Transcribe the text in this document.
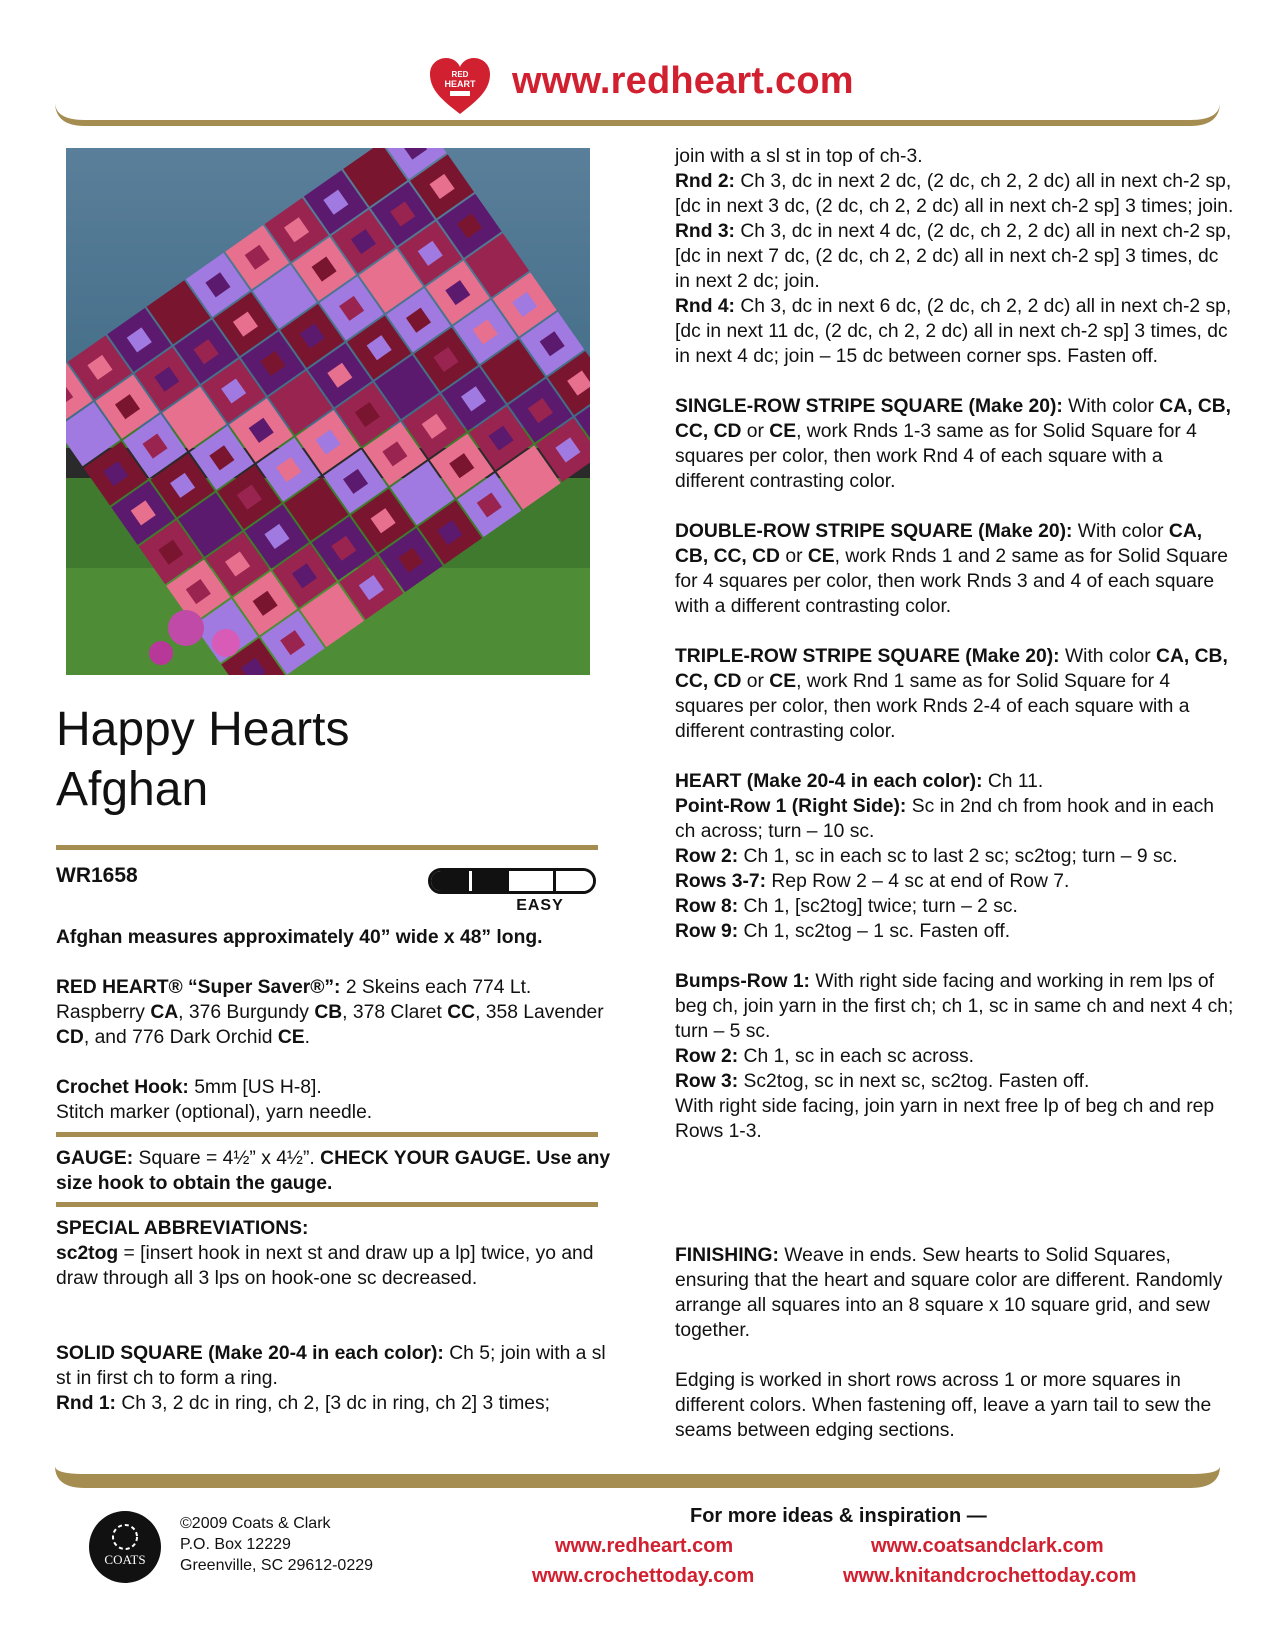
RED
HEART www.redheart.com
Happy Hearts
Afghan
WR1658
EASY

Afghan measures approximately 40” wide x 48” long.

RED HEART® “Super Saver®”: 2 Skeins each 774 Lt. Raspberry CA, 376 Burgundy CB, 378 Claret CC, 358 Lavender CD, and 776 Dark Orchid CE.

Crochet Hook: 5mm [US H-8].

Stitch marker (optional), yarn needle.

GAUGE: Square = 4½” x 4½”. CHECK YOUR GAUGE. Use any size hook to obtain the gauge.

SPECIAL ABBREVIATIONS:

sc2tog = [insert hook in next st and draw up a lp] twice, yo and draw through all 3 lps on hook-one sc decreased.

SOLID SQUARE (Make 20-4 in each color): Ch 5; join with a sl st in first ch to form a ring.

Rnd 1: Ch 3, 2 dc in ring, ch 2, [3 dc in ring, ch 2] 3 times;

join with a sl st in top of ch-3.

Rnd 2: Ch 3, dc in next 2 dc, (2 dc, ch 2, 2 dc) all in next ch-2 sp, [dc in next 3 dc, (2 dc, ch 2, 2 dc) all in next ch-2 sp] 3 times; join.

Rnd 3: Ch 3, dc in next 4 dc, (2 dc, ch 2, 2 dc) all in next ch-2 sp, [dc in next 7 dc, (2 dc, ch 2, 2 dc) all in next ch-2 sp] 3 times, dc in next 2 dc; join.

Rnd 4: Ch 3, dc in next 6 dc, (2 dc, ch 2, 2 dc) all in next ch-2 sp, [dc in next 11 dc, (2 dc, ch 2, 2 dc) all in next ch-2 sp] 3 times, dc in next 4 dc; join – 15 dc between corner sps. Fasten off.

SINGLE-ROW STRIPE SQUARE (Make 20): With color CA, CB, CC, CD or CE, work Rnds 1-3 same as for Solid Square for 4 squares per color, then work Rnd 4 of each square with a different contrasting color.

DOUBLE-ROW STRIPE SQUARE (Make 20): With color CA, CB, CC, CD or CE, work Rnds 1 and 2 same as for Solid Square for 4 squares per color, then work Rnds 3 and 4 of each square with a different contrasting color.

TRIPLE-ROW STRIPE SQUARE (Make 20): With color CA, CB, CC, CD or CE, work Rnd 1 same as for Solid Square for 4 squares per color, then work Rnds 2-4 of each square with a different contrasting color.

HEART (Make 20-4 in each color): Ch 11.

Point-Row 1 (Right Side): Sc in 2nd ch from hook and in each ch across; turn – 10 sc.

Row 2: Ch 1, sc in each sc to last 2 sc; sc2tog; turn – 9 sc.

Rows 3-7: Rep Row 2 – 4 sc at end of Row 7.

Row 8: Ch 1, [sc2tog] twice; turn – 2 sc.

Row 9: Ch 1, sc2tog – 1 sc. Fasten off.

Bumps-Row 1: With right side facing and working in rem lps of beg ch, join yarn in the first ch; ch 1, sc in same ch and next 4 ch; turn – 5 sc.

Row 2: Ch 1, sc in each sc across.

Row 3: Sc2tog, sc in next sc, sc2tog. Fasten off.

With right side facing, join yarn in next free lp of beg ch and rep Rows 1-3.

FINISHING: Weave in ends. Sew hearts to Solid Squares, ensuring that the heart and square color are different. Randomly arrange all squares into an 8 square x 10 square grid, and sew together.

Edging is worked in short rows across 1 or more squares in different colors. When fastening off, leave a yarn tail to sew the seams between edging sections.

COATS
©2009 Coats & Clark
P.O. Box 12229
Greenville, SC 29612-0229
For more ideas & inspiration —
www.redheart.com	www.coatsandclark.com
www.crochettoday.com	www.knitandcrochettoday.com
